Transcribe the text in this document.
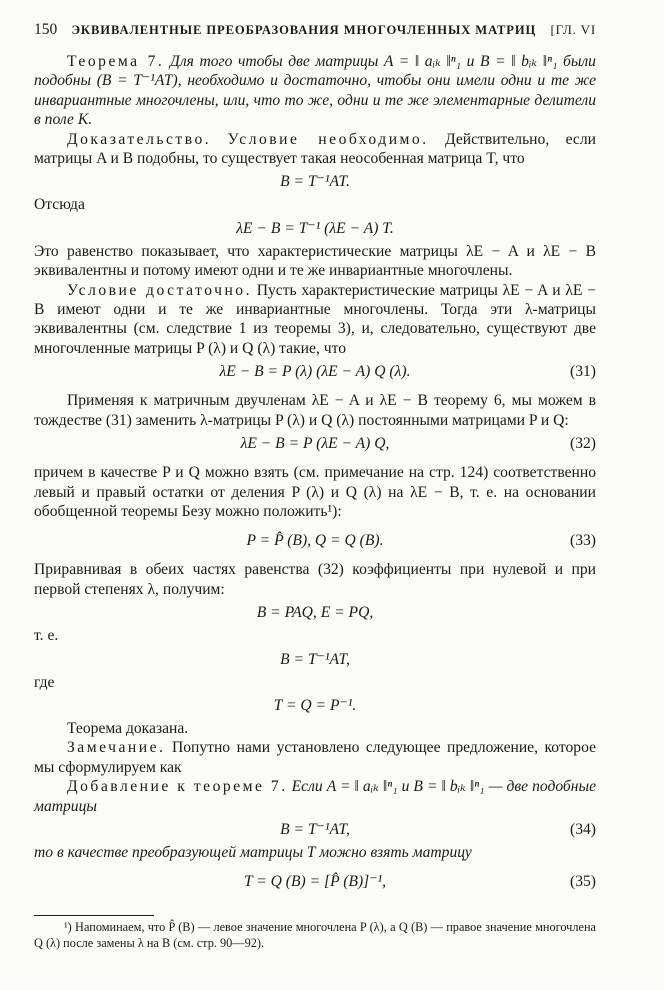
150 ЭКВИВАЛЕНТНЫЕ ПРЕОБРАЗОВАНИЯ МНОГОЧЛЕННЫХ МАТРИЦ [ГЛ. VI

Теорема 7. Для того чтобы две матрицы A = ‖ aᵢₖ ‖ⁿ₁ и B = ‖ bᵢₖ ‖ⁿ₁ были подобны (B = T⁻¹AT), необходимо и достаточно, чтобы они имели одни и те же инвариантные многочлены, или, что то же, одни и те же элементарные делители в поле K.

Доказательство. Условие необходимо. Действительно, если матрицы A и B подобны, то существует такая неособенная матрица T, что

B = T⁻¹AT.

Отсюда

λE − B = T⁻¹ (λE − A) T.

Это равенство показывает, что характеристические матрицы λE − A и λE − B эквивалентны и потому имеют одни и те же инвариантные многочлены.

Условие достаточно. Пусть характеристические матрицы λE − A и λE − B имеют одни и те же инвариантные многочлены. Тогда эти λ-матрицы эквивалентны (см. следствие 1 из теоремы 3), и, следовательно, существуют две многочленные матрицы P (λ) и Q (λ) такие, что

λE − B = P (λ) (λE − A) Q (λ).	(31)

Применяя к матричным двучленам λE − A и λE − B теорему 6, мы можем в тождестве (31) заменить λ-матрицы P (λ) и Q (λ) постоянными матрицами P и Q:

λE − B = P (λE − A) Q,	(32)

причем в качестве P и Q можно взять (см. примечание на стр. 124) соответственно левый и правый остатки от деления P (λ) и Q (λ) на λE − B, т. е. на основании обобщенной теоремы Безу можно положить¹):

P = P̂ (B), Q = Q (B).	(33)

Приравнивая в обеих частях равенства (32) коэффициенты при нулевой и при первой степенях λ, получим:

B = PAQ, E = PQ,

т. е.

B = T⁻¹AT,

где

T = Q = P⁻¹.

Теорема доказана.

Замечание. Попутно нами установлено следующее предложение, которое мы сформулируем как

Добавление к теореме 7. Если A = ‖ aᵢₖ ‖ⁿ₁ и B = ‖ bᵢₖ ‖ⁿ₁ — две подобные матрицы

B = T⁻¹AT,	(34)

то в качестве преобразующей матрицы T можно взять матрицу

T = Q (B) = [P̂ (B)]⁻¹,	(35)

¹) Напоминаем, что P̂ (B) — левое значение многочлена P (λ), а Q (B) — правое значение многочлена Q (λ) после замены λ на B (см. стр. 90—92).
